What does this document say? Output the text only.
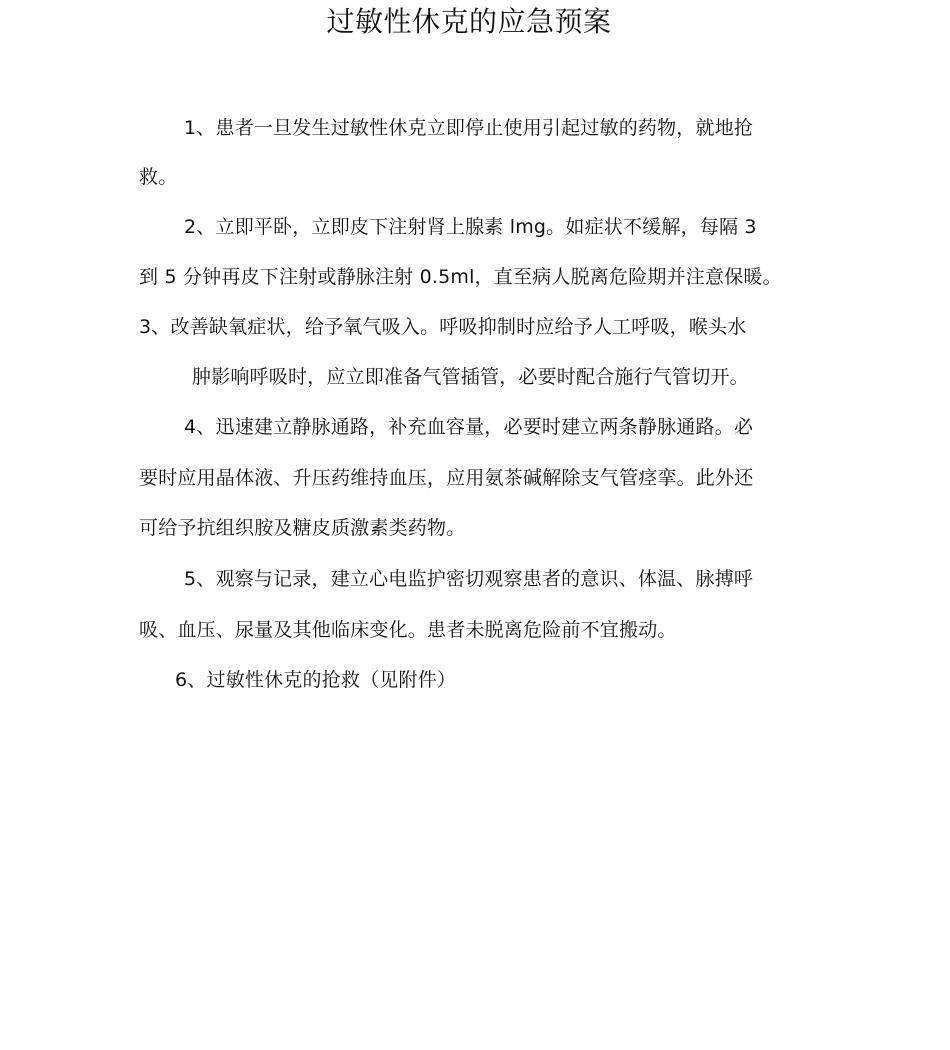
过敏性休克的应急预案

1、患者一旦发生过敏性休克立即停止使用引起过敏的药物，就地抢

救。

2、立即平卧，立即皮下注射肾上腺素 lmg。如症状不缓解，每隔 3

到 5 分钟再皮下注射或静脉注射 0.5ml，直至病人脱离危险期并注意保暖。

3、改善缺氧症状，给予氧气吸入。呼吸抑制时应给予人工呼吸，喉头水

肿影响呼吸时，应立即准备气管插管，必要时配合施行气管切开。

4、迅速建立静脉通路，补充血容量，必要时建立两条静脉通路。必

要时应用晶体液、升压药维持血压，应用氨茶碱解除支气管痉挛。此外还

可给予抗组织胺及糖皮质激素类药物。

5、观察与记录，建立心电监护密切观察患者的意识、体温、脉搏呼

吸、血压、尿量及其他临床变化。患者未脱离危险前不宜搬动。

6、过敏性休克的抢救（见附件）
